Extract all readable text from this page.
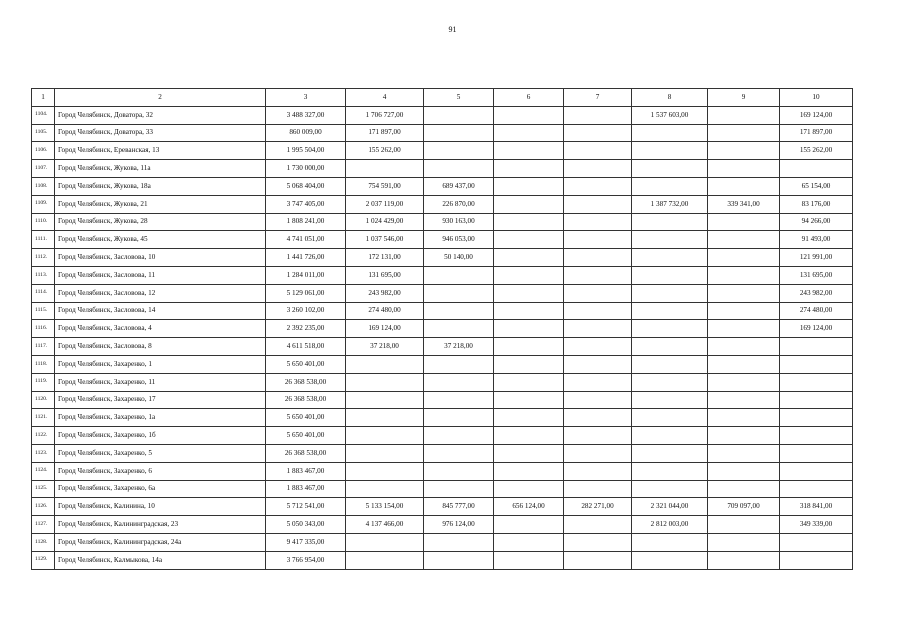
91
1	2	3	4	5	6	7	8	9	10
1104.	Город Челябинск, Доватора, 32	3 488 327,00	1 706 727,00				1 537 603,00		169 124,00
1105.	Город Челябинск, Доватора, 33	860 009,00	171 897,00						171 897,00
1106.	Город Челябинск, Ереванская, 13	1 995 504,00	155 262,00						155 262,00
1107.	Город Челябинск, Жукова, 11а	1 730 000,00							
1108.	Город Челябинск, Жукова, 18а	5 068 404,00	754 591,00	689 437,00					65 154,00
1109.	Город Челябинск, Жукова, 21	3 747 405,00	2 037 119,00	226 870,00			1 387 732,00	339 341,00	83 176,00
1110.	Город Челябинск, Жукова, 28	1 808 241,00	1 024 429,00	930 163,00					94 266,00
1111.	Город Челябинск, Жукова, 45	4 741 051,00	1 037 546,00	946 053,00					91 493,00
1112.	Город Челябинск, Засловова, 10	1 441 726,00	172 131,00	50 140,00					121 991,00
1113.	Город Челябинск, Засловова, 11	1 284 011,00	131 695,00						131 695,00
1114.	Город Челябинск, Засловова, 12	5 129 061,00	243 982,00						243 982,00
1115.	Город Челябинск, Засловова, 14	3 260 102,00	274 480,00						274 480,00
1116.	Город Челябинск, Засловова, 4	2 392 235,00	169 124,00						169 124,00
1117.	Город Челябинск, Засловова, 8	4 611 518,00	37 218,00	37 218,00					
1118.	Город Челябинск, Захаренко, 1	5 650 401,00							
1119.	Город Челябинск, Захаренко, 11	26 368 538,00							
1120.	Город Челябинск, Захаренко, 17	26 368 538,00							
1121.	Город Челябинск, Захаренко, 1а	5 650 401,00							
1122.	Город Челябинск, Захаренко, 1б	5 650 401,00							
1123.	Город Челябинск, Захаренко, 5	26 368 538,00							
1124.	Город Челябинск, Захаренко, 6	1 883 467,00							
1125.	Город Челябинск, Захаренко, 6а	1 883 467,00							
1126.	Город Челябинск, Калинина, 10	5 712 541,00	5 133 154,00	845 777,00	656 124,00	282 271,00	2 321 044,00	709 097,00	318 841,00
1127.	Город Челябинск, Калининградская, 23	5 050 343,00	4 137 466,00	976 124,00			2 812 003,00		349 339,00
1128.	Город Челябинск, Калининградская, 24а	9 417 335,00							
1129.	Город Челябинск, Калмыкова, 14а	3 766 954,00							
